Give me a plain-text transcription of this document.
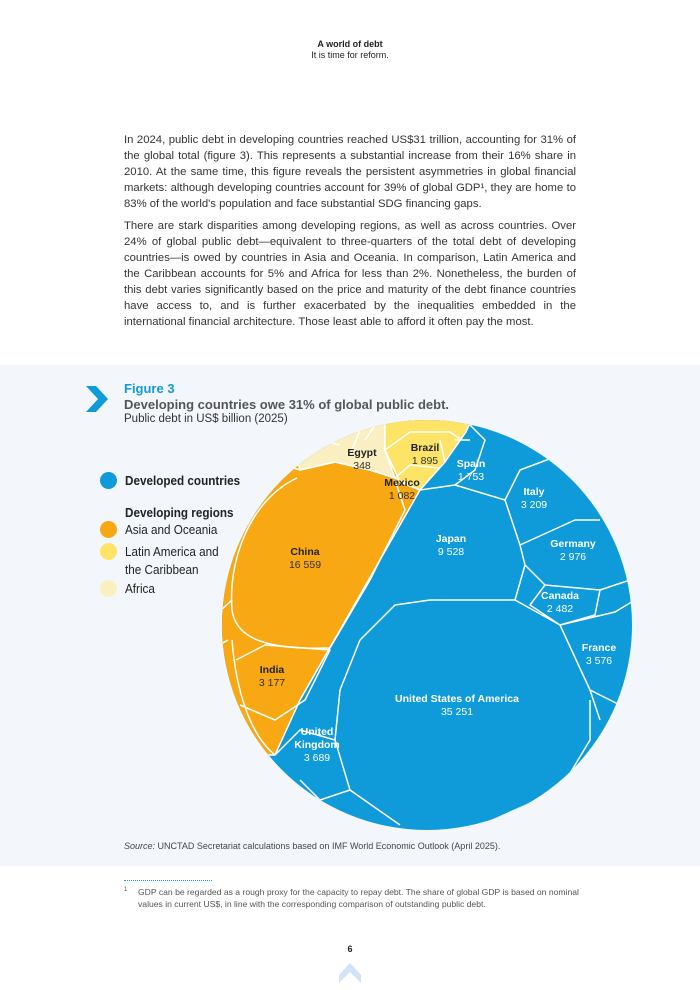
A world of debt
It is time for reform.

In 2024, public debt in developing countries reached US$31 trillion, accounting for 31% of the global total (figure 3). This represents a substantial increase from their 16% share in 2010. At the same time, this figure reveals the persistent asymmetries in global financial markets: although developing countries account for 39% of global GDP¹, they are home to 83% of the world's population and face substantial SDG financing gaps.

There are stark disparities among developing regions, as well as across countries. Over 24% of global public debt—equivalent to three-quarters of the total debt of developing countries—is owed by countries in Asia and Oceania. In comparison, Latin America and the Caribbean accounts for 5% and Africa for less than 2%. Nonetheless, the burden of this debt varies significantly based on the price and maturity of the debt finance countries have access to, and is further exacerbated by the inequalities embedded in the international financial architecture. Those least able to afford it often pay the most.

Figure 3
Developing countries owe 31% of global public debt.
Public debt in US$ billion (2025)
Developed countries
Developing regions
Asia and Oceania
Latin America and
the Caribbean
Africa
United States of America
35 251
China
16 559
Japan
9 528
United
Kingdom
3 689
France
3 576
Italy
3 209
India
3 177
Germany
2 976
Canada
2 482
Brazil
1 895 Spain
1 753
Mexico
1 082
Egypt
348
Source: UNCTAD Secretariat calculations based on IMF World Economic Outlook (April 2025).
1	GDP can be regarded as a rough proxy for the capacity to repay debt. The share of global GDP is based on nominal values in current US$, in line with the corresponding comparison of outstanding public debt.
6
